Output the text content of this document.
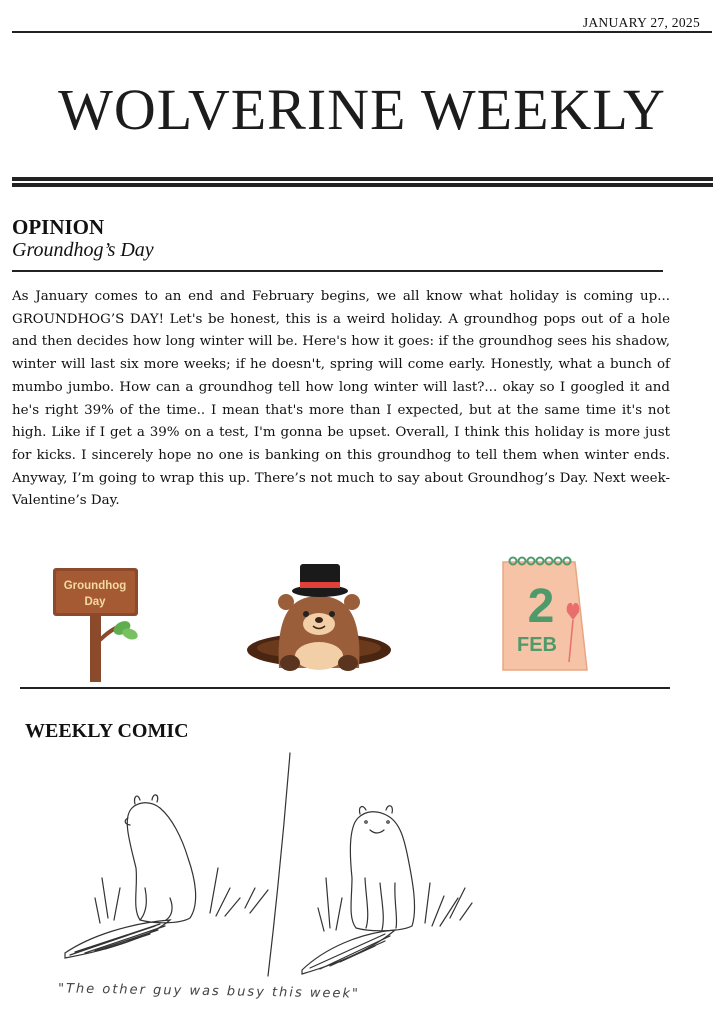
JANUARY 27, 2025
WOLVERINE WEEKLY
OPINION
Groundhog’s Day

As January comes to an end and February begins, we all know what holiday is coming up... GROUNDHOG’S DAY! Let's be honest, this is a weird holiday. A groundhog pops out of a hole and then decides how long winter will be. Here's how it goes: if the groundhog sees his shadow, winter will last six more weeks; if he doesn't, spring will come early. Honestly, what a bunch of mumbo jumbo. How can a groundhog tell how long winter will last?... okay so I googled it and he's right 39% of the time.. I mean that's more than I expected, but at the same time it's not high. Like if I get a 39% on a test, I'm gonna be upset. Overall, I think this holiday is more just for kicks. I sincerely hope no one is banking on this groundhog to tell them when winter ends. Anyway, I’m going to wrap this up. There’s not much to say about Groundhog’s Day. Next week- Valentine’s Day.

Groundhog
Day	2
FEB
WEEKLY COMIC
"The other guy was busy this week"
